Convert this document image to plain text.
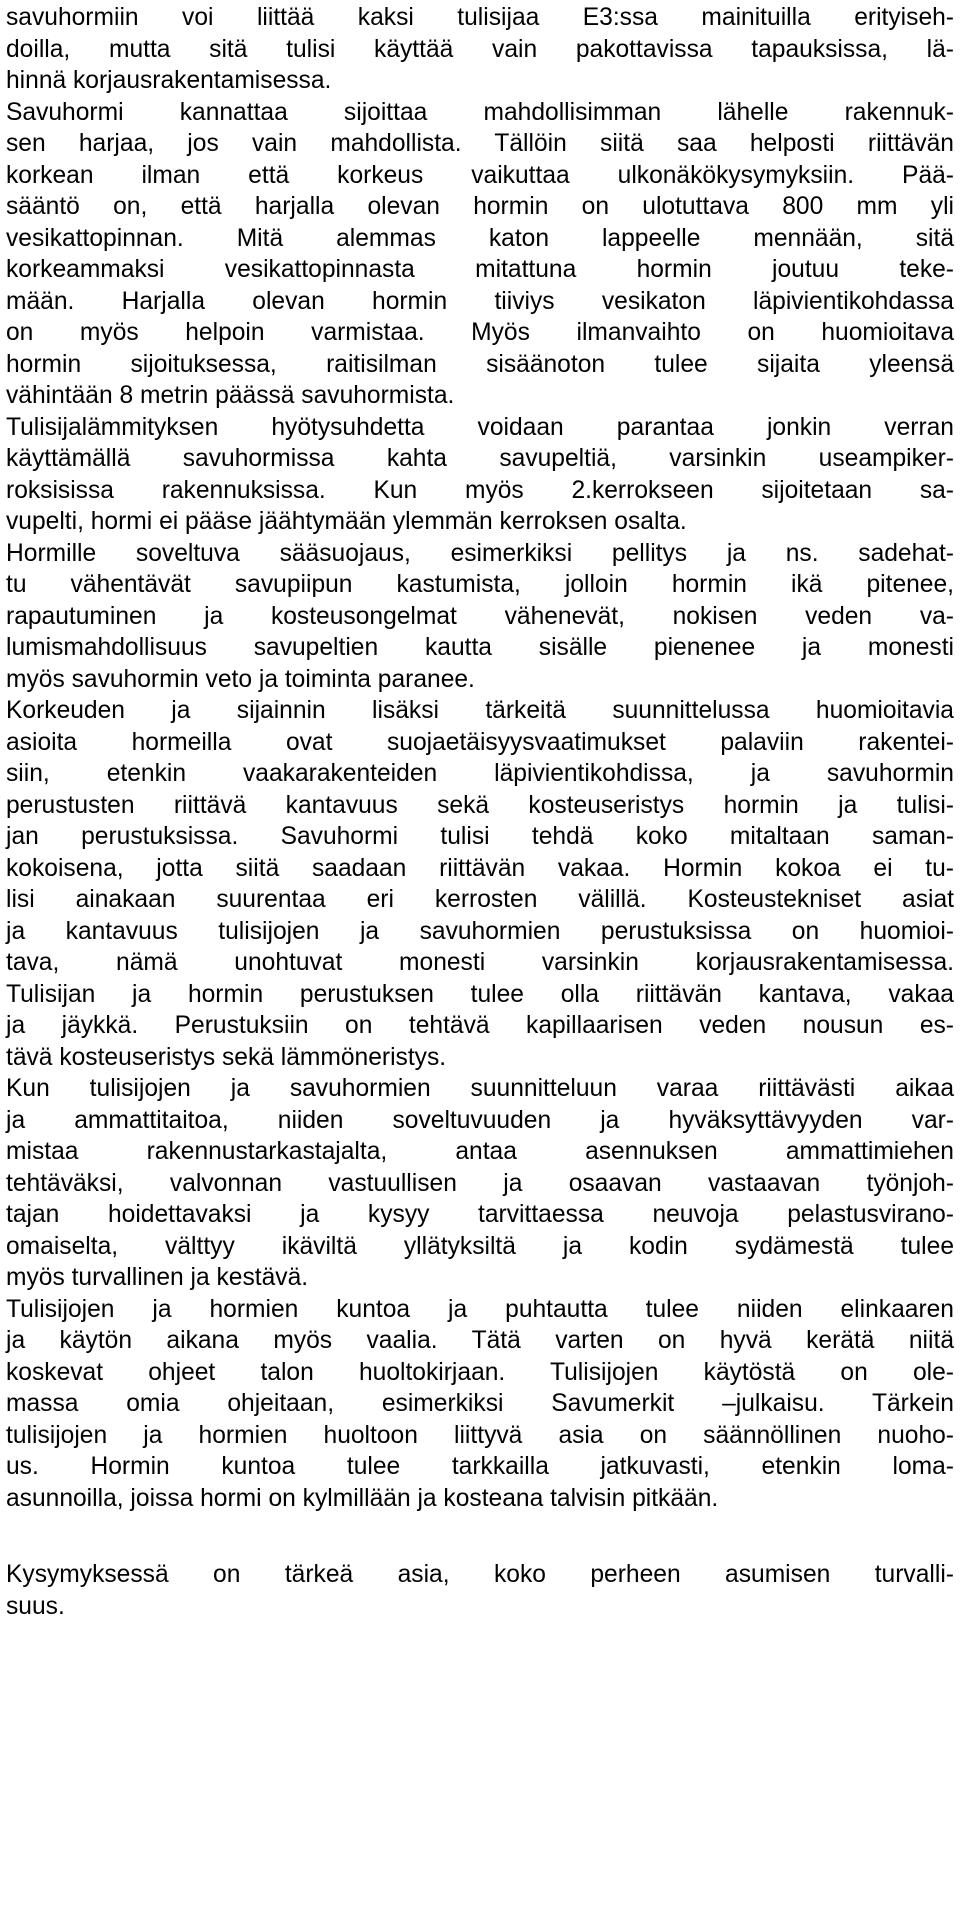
savuhormiin voi liittää kaksi tulisijaa E3:ssa mainituilla erityiseh-
doilla, mutta sitä tulisi käyttää vain pakottavissa tapauksissa, lä-
hinnä korjausrakentamisessa.
Savuhormi kannattaa sijoittaa mahdollisimman lähelle rakennuk-
sen harjaa, jos vain mahdollista. Tällöin siitä saa helposti riittävän
korkean ilman että korkeus vaikuttaa ulkonäkökysymyksiin. Pää-
sääntö on, että harjalla olevan hormin on ulotuttava 800 mm yli
vesikattopinnan. Mitä alemmas katon lappeelle mennään, sitä
korkeammaksi vesikattopinnasta mitattuna hormin joutuu teke-
mään. Harjalla olevan hormin tiiviys vesikaton läpivientikohdassa
on myös helpoin varmistaa. Myös ilmanvaihto on huomioitava
hormin sijoituksessa, raitisilman sisäänoton tulee sijaita yleensä
vähintään 8 metrin päässä savuhormista.
Tulisijalämmityksen hyötysuhdetta voidaan parantaa jonkin verran
käyttämällä savuhormissa kahta savupeltiä, varsinkin useampiker-
roksisissa rakennuksissa. Kun myös 2.kerrokseen sijoitetaan sa-
vupelti, hormi ei pääse jäähtymään ylemmän kerroksen osalta.
Hormille soveltuva sääsuojaus, esimerkiksi pellitys ja ns. sadehat-
tu vähentävät savupiipun kastumista, jolloin hormin ikä pitenee,
rapautuminen ja kosteusongelmat vähenevät, nokisen veden va-
lumismahdollisuus savupeltien kautta sisälle pienenee ja monesti
myös savuhormin veto ja toiminta paranee.
Korkeuden ja sijainnin lisäksi tärkeitä suunnittelussa huomioitavia
asioita hormeilla ovat suojaetäisyysvaatimukset palaviin rakentei-
siin, etenkin vaakarakenteiden läpivientikohdissa, ja savuhormin
perustusten riittävä kantavuus sekä kosteuseristys hormin ja tulisi-
jan perustuksissa. Savuhormi tulisi tehdä koko mitaltaan saman-
kokoisena, jotta siitä saadaan riittävän vakaa. Hormin kokoa ei tu-
lisi ainakaan suurentaa eri kerrosten välillä. Kosteustekniset asiat
ja kantavuus tulisijojen ja savuhormien perustuksissa on huomioi-
tava, nämä unohtuvat monesti varsinkin korjausrakentamisessa.
Tulisijan ja hormin perustuksen tulee olla riittävän kantava, vakaa
ja jäykkä. Perustuksiin on tehtävä kapillaarisen veden nousun es-
tävä kosteuseristys sekä lämmöneristys.
Kun tulisijojen ja savuhormien suunnitteluun varaa riittävästi aikaa
ja ammattitaitoa, niiden soveltuvuuden ja hyväksyttävyyden var-
mistaa rakennustarkastajalta, antaa asennuksen ammattimiehen
tehtäväksi, valvonnan vastuullisen ja osaavan vastaavan työnjoh-
tajan hoidettavaksi ja kysyy tarvittaessa neuvoja pelastusvirano-
omaiselta, välttyy ikäviltä yllätyksiltä ja kodin sydämestä tulee
myös turvallinen ja kestävä.
Tulisijojen ja hormien kuntoa ja puhtautta tulee niiden elinkaaren
ja käytön aikana myös vaalia. Tätä varten on hyvä kerätä niitä
koskevat ohjeet talon huoltokirjaan. Tulisijojen käytöstä on ole-
massa omia ohjeitaan, esimerkiksi Savumerkit –julkaisu. Tärkein
tulisijojen ja hormien huoltoon liittyvä asia on säännöllinen nuoho-
us. Hormin kuntoa tulee tarkkailla jatkuvasti, etenkin loma-
asunnoilla, joissa hormi on kylmillään ja kosteana talvisin pitkään.
Kysymyksessä on tärkeä asia, koko perheen asumisen turvalli-
suus.
